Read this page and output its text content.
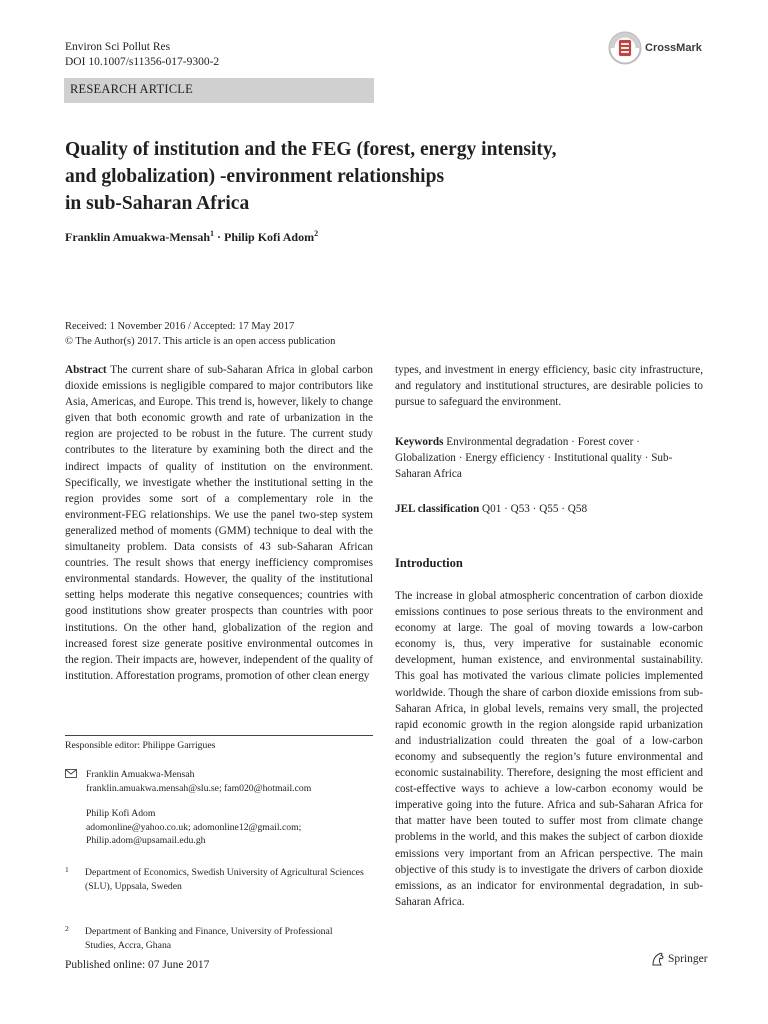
Environ Sci Pollut Res
DOI 10.1007/s11356-017-9300-2
CrossMark
RESEARCH ARTICLE
Quality of institution and the FEG (forest, energy intensity,
and globalization) -environment relationships
in sub-Saharan Africa
Franklin Amuakwa-Mensah$^1$ · Philip Kofi Adom$^2$
Received: 1 November 2016 / Accepted: 17 May 2017
© The Author(s) 2017. This article is an open access publication
Abstract The current share of sub-Saharan Africa in global carbon dioxide emissions is negligible compared to major contributors like Asia, Americas, and Europe. This trend is, however, likely to change given that both economic growth and rate of urbanization in the region are projected to be robust in the future. The current study contributes to the literature by examining both the direct and the indirect impacts of quality of institution on the environment. Specifically, we investigate whether the institutional setting in the region provides some sort of a complementary role in the environment-FEG relationships. We use the panel two-step system generalized method of moments (GMM) technique to deal with the simultaneity problem. Data consists of 43 sub-Saharan African countries. The result shows that energy inefficiency compromises environmental standards. However, the quality of the institutional setting helps moderate this negative consequences; countries with good institutions show greater prospects than countries with poor institutions. On the other hand, globalization of the region and increased forest size generate positive environmental outcomes in the region. Their impacts are, however, independent of the quality of institution. Afforestation programs, promotion of other clean energy
types, and investment in energy efficiency, basic city infrastructure, and regulatory and institutional structures, are desirable policies to pursue to safeguard the environment.
Keywords Environmental degradation · Forest cover · Globalization · Energy efficiency · Institutional quality · Sub-Saharan Africa
JEL classification Q01 · Q53 · Q55 · Q58
Introduction
The increase in global atmospheric concentration of carbon dioxide emissions continues to pose serious threats to the environment and economy at large. The goal of moving towards a low-carbon economy is, thus, very imperative for sustainable economic development, human existence, and environmental sustainability. This goal has motivated the various climate policies implemented worldwide. Though the share of carbon dioxide emissions from sub-Saharan Africa, in global levels, remains very small, the projected rapid economic growth in the region alongside rapid urbanization and industrialization could threaten the goal of a low-carbon economy and subsequently the region’s future environmental and economic sustainability. Therefore, designing the most efficient and cost-effective ways to achieve a low-carbon economy would be imperative going into the future. Africa and sub-Saharan Africa for that matter have been touted to suffer most from climate change problems in the world, and this makes the subject of carbon dioxide emissions very important from an African perspective. The main objective of this study is to investigate the drivers of carbon dioxide emissions, as an indicator for environmental degradation, in sub-Saharan Africa.
Responsible editor: Philippe Garrigues
Franklin Amuakwa-Mensah
franklin.amuakwa.mensah@slu.se; fam020@hotmail.com
Philip Kofi Adom
adomonline@yahoo.co.uk; adomonline12@gmail.com;
Philip.adom@upsamail.edu.gh
1 Department of Economics, Swedish University of Agricultural Sciences (SLU), Uppsala, Sweden
2 Department of Banking and Finance, University of Professional Studies, Accra, Ghana
Published online: 07 June 2017	Springer
